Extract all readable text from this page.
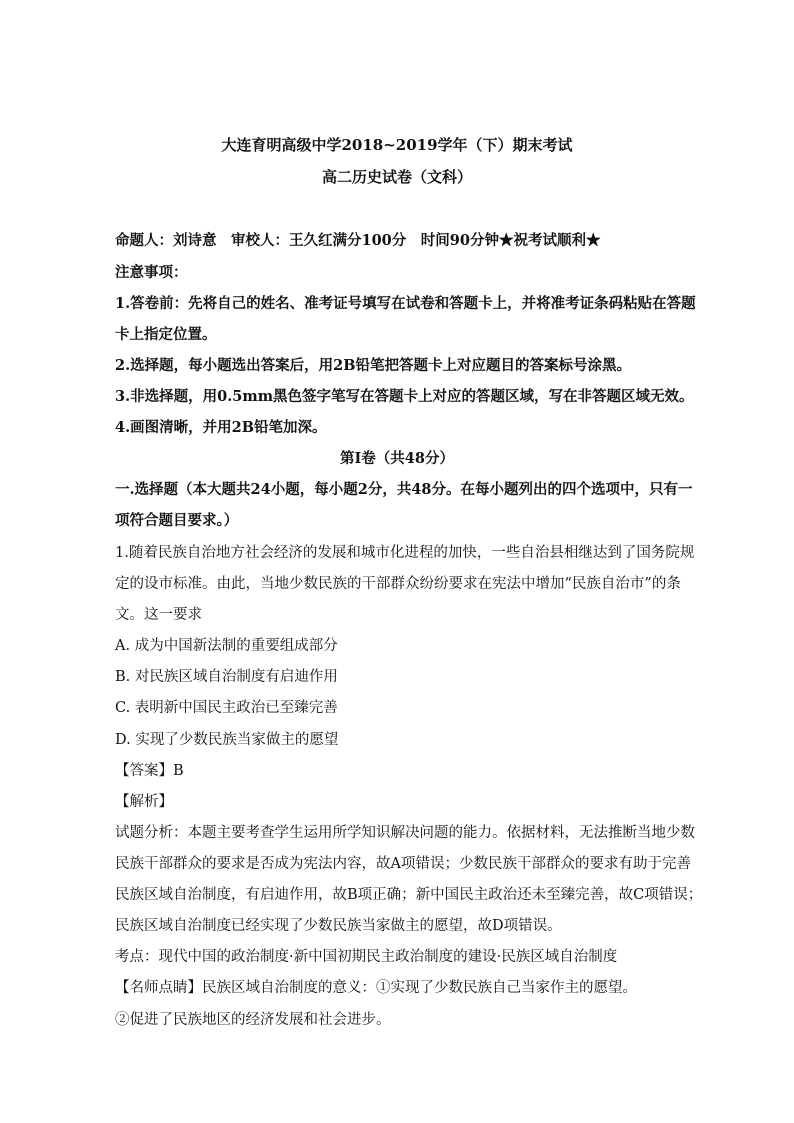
大连育明高级中学2018~2019学年（下）期末考试
高二历史试卷（文科）
命题人：刘诗意　审校人：王久红满分100分　时间90分钟★祝考试顺利★
注意事项：
1.答卷前：先将自己的姓名、准考证号填写在试卷和答题卡上，并将准考证条码粘贴在答题
卡上指定位置。
2.选择题，每小题选出答案后，用2B铅笔把答题卡上对应题目的答案标号涂黑。
3.非选择题，用0.5mm黑色签字笔写在答题卡上对应的答题区域，写在非答题区域无效。
4.画图清晰，并用2B铅笔加深。
第I卷（共48分）
一.选择题（本大题共24小题，每小题2分，共48分。在每小题列出的四个选项中，只有一
项符合题目要求。）
1.随着民族自治地方社会经济的发展和城市化进程的加快，一些自治县相继达到了国务院规
定的设市标准。由此，当地少数民族的干部群众纷纷要求在宪法中增加“民族自治市”的条
文。这一要求
A. 成为中国新法制的重要组成部分
B. 对民族区域自治制度有启迪作用
C. 表明新中国民主政治已至臻完善
D. 实现了少数民族当家做主的愿望
【答案】B
【解析】
试题分析：本题主要考查学生运用所学知识解决问题的能力。依据材料，无法推断当地少数
民族干部群众的要求是否成为宪法内容，故A项错误；少数民族干部群众的要求有助于完善
民族区域自治制度，有启迪作用，故B项正确；新中国民主政治还未至臻完善，故C项错误；
民族区域自治制度已经实现了少数民族当家做主的愿望，故D项错误。
考点：现代中国的政治制度·新中国初期民主政治制度的建设·民族区域自治制度
【名师点睛】民族区域自治制度的意义：①实现了少数民族自己当家作主的愿望。
②促进了民族地区的经济发展和社会进步。
